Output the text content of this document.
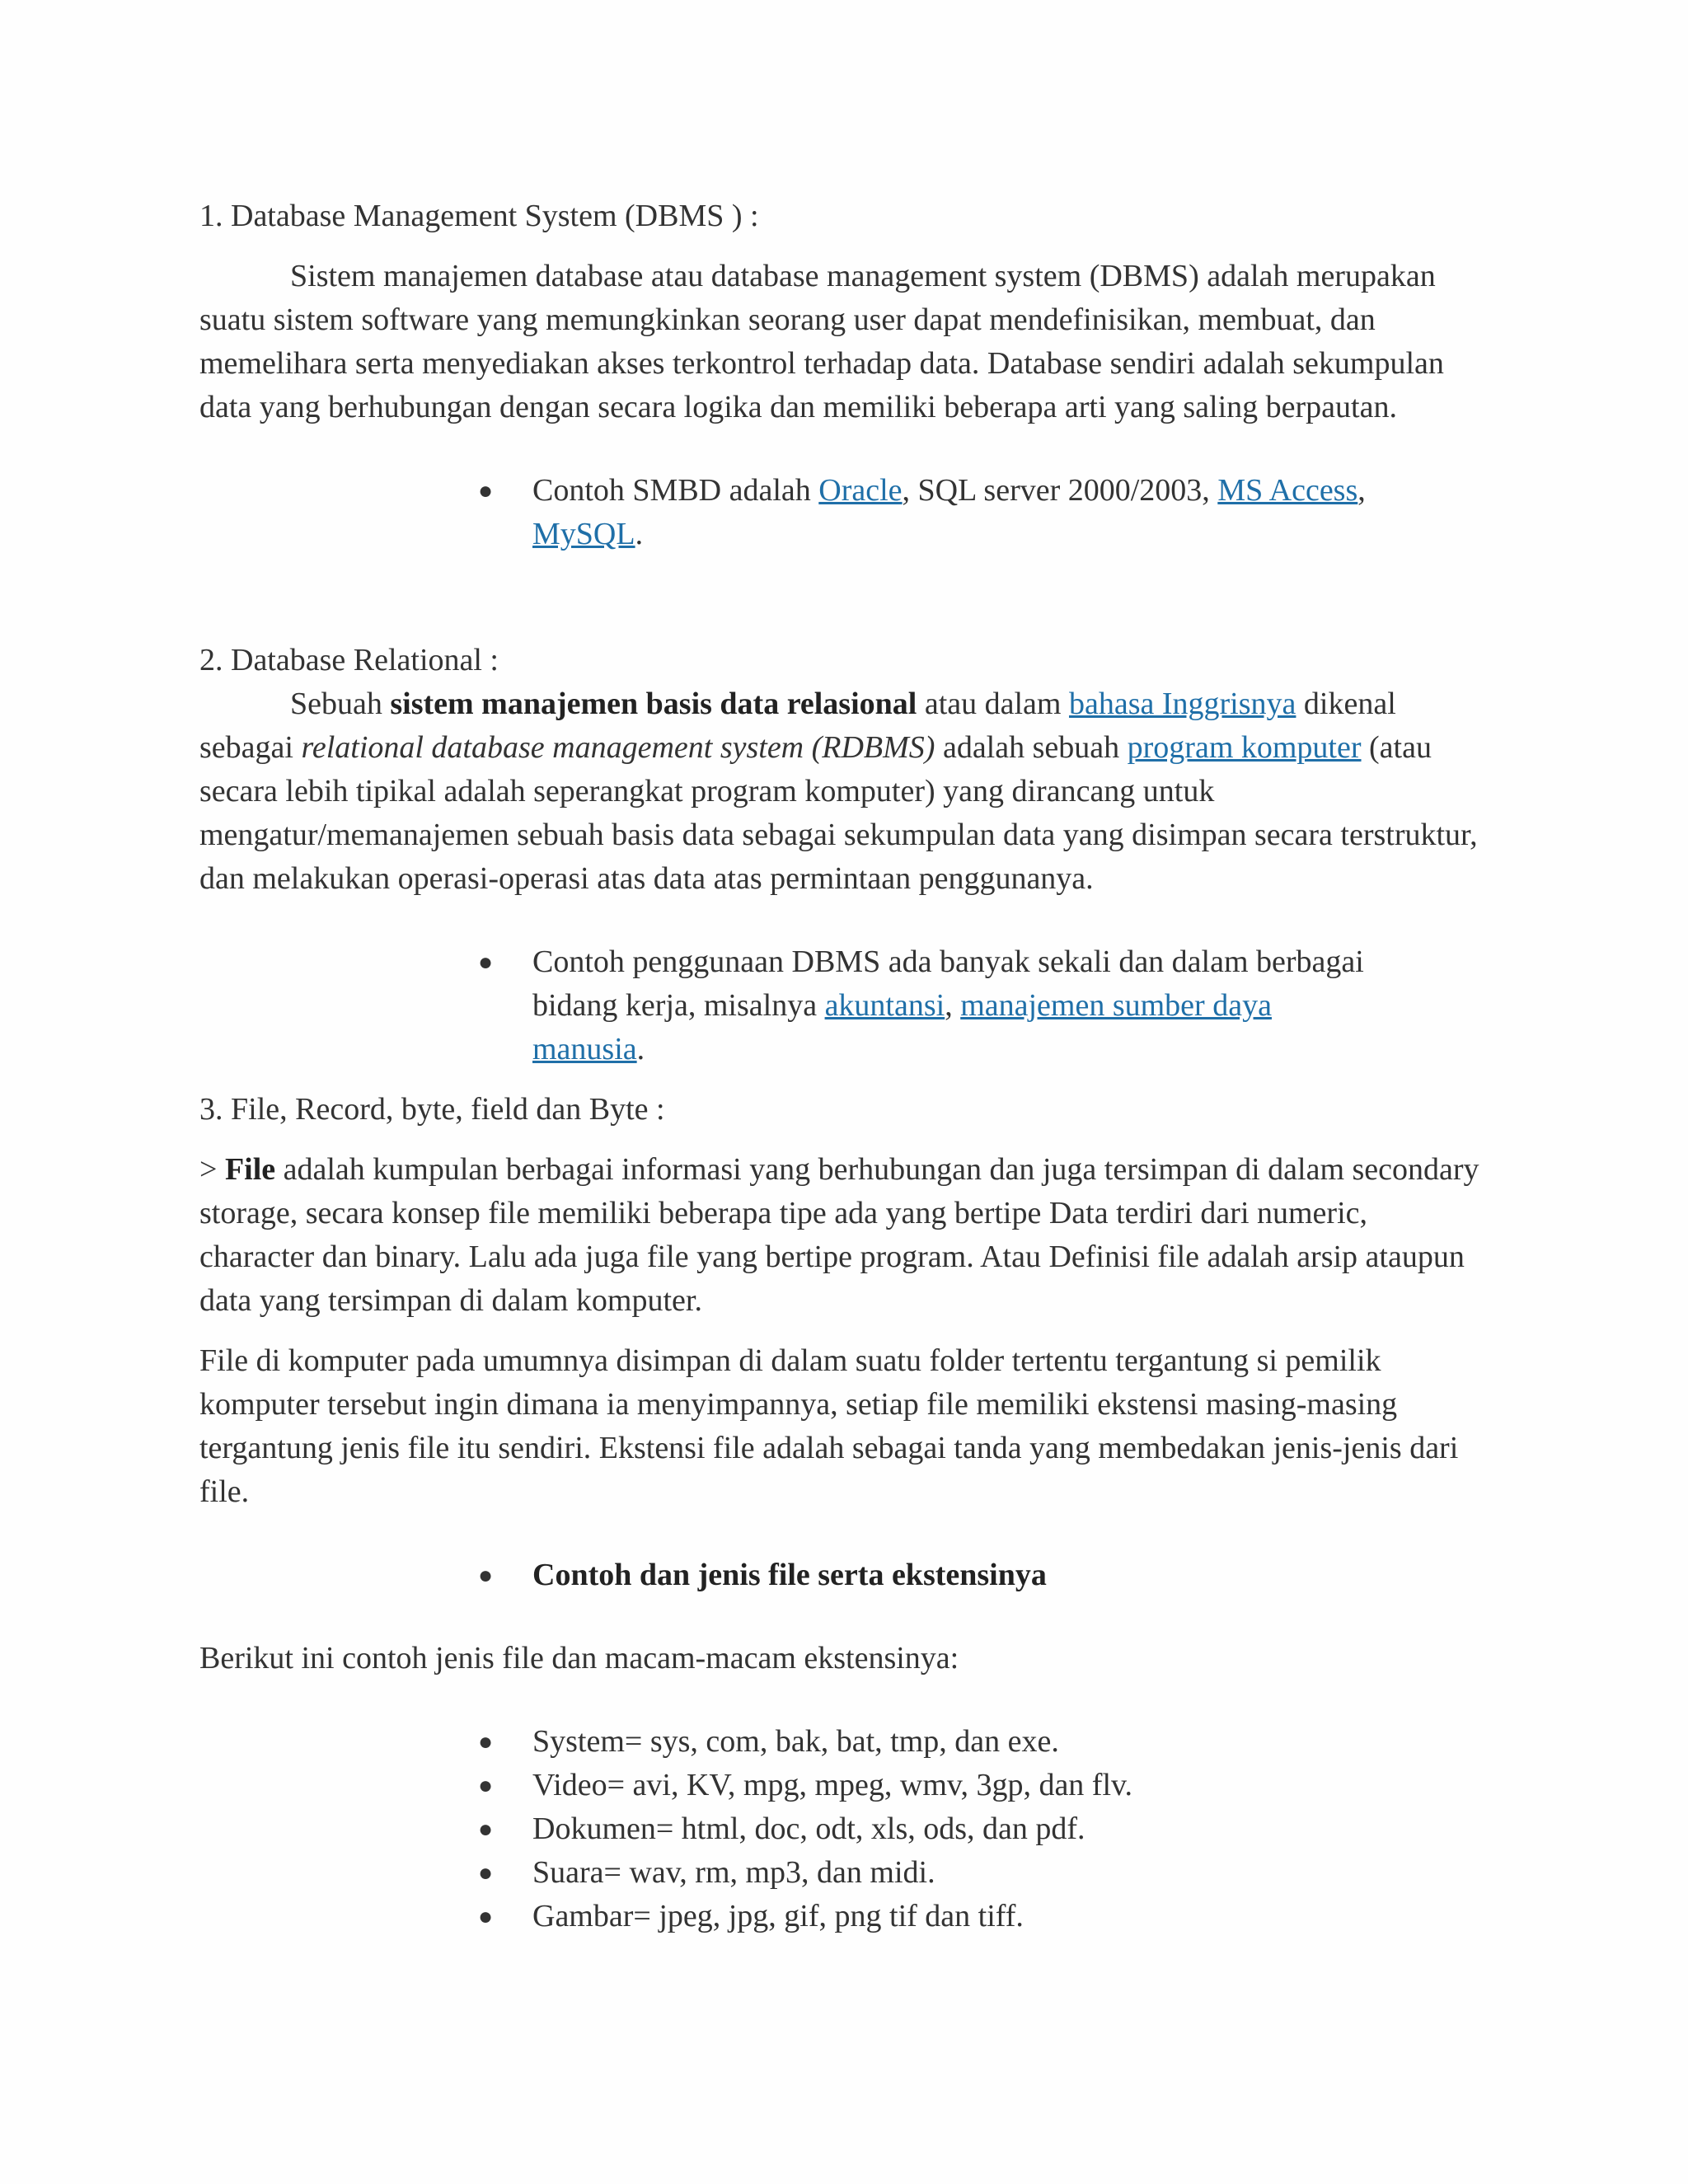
1. Database Management System (DBMS ) :

Sistem manajemen database atau database management system (DBMS) adalah merupakan suatu sistem software yang memungkinkan seorang user dapat mendefinisikan, membuat, dan memelihara serta menyediakan akses terkontrol terhadap data. Database sendiri adalah sekumpulan data yang berhubungan dengan secara logika dan memiliki beberapa arti yang saling berpautan.

● Contoh SMBD adalah Oracle, SQL server 2000/2003, MS Access, MySQL.

2. Database Relational :

Sebuah sistem manajemen basis data relasional atau dalam bahasa Inggrisnya dikenal sebagai relational database management system (RDBMS) adalah sebuah program komputer (atau secara lebih tipikal adalah seperangkat program komputer) yang dirancang untuk mengatur/memanajemen sebuah basis data sebagai sekumpulan data yang disimpan secara terstruktur, dan melakukan operasi-operasi atas data atas permintaan penggunanya.

● Contoh penggunaan DBMS ada banyak sekali dan dalam berbagai bidang kerja, misalnya akuntansi, manajemen sumber daya manusia.

3. File, Record, byte, field dan Byte :

> File adalah kumpulan berbagai informasi yang berhubungan dan juga tersimpan di dalam secondary storage, secara konsep file memiliki beberapa tipe ada yang bertipe Data terdiri dari numeric, character dan binary. Lalu ada juga file yang bertipe program. Atau Definisi file adalah arsip ataupun data yang tersimpan di dalam komputer.

File di komputer pada umumnya disimpan di dalam suatu folder tertentu tergantung si pemilik komputer tersebut ingin dimana ia menyimpannya, setiap file memiliki ekstensi masing-masing tergantung jenis file itu sendiri. Ekstensi file adalah sebagai tanda yang membedakan jenis-jenis dari file.

● Contoh dan jenis file serta ekstensinya

Berikut ini contoh jenis file dan macam-macam ekstensinya:

● System= sys, com, bak, bat, tmp, dan exe.
● Video= avi, KV, mpg, mpeg, wmv, 3gp, dan flv.
● Dokumen= html, doc, odt, xls, ods, dan pdf.
● Suara= wav, rm, mp3, dan midi.
● Gambar= jpeg, jpg, gif, png tif dan tiff.
